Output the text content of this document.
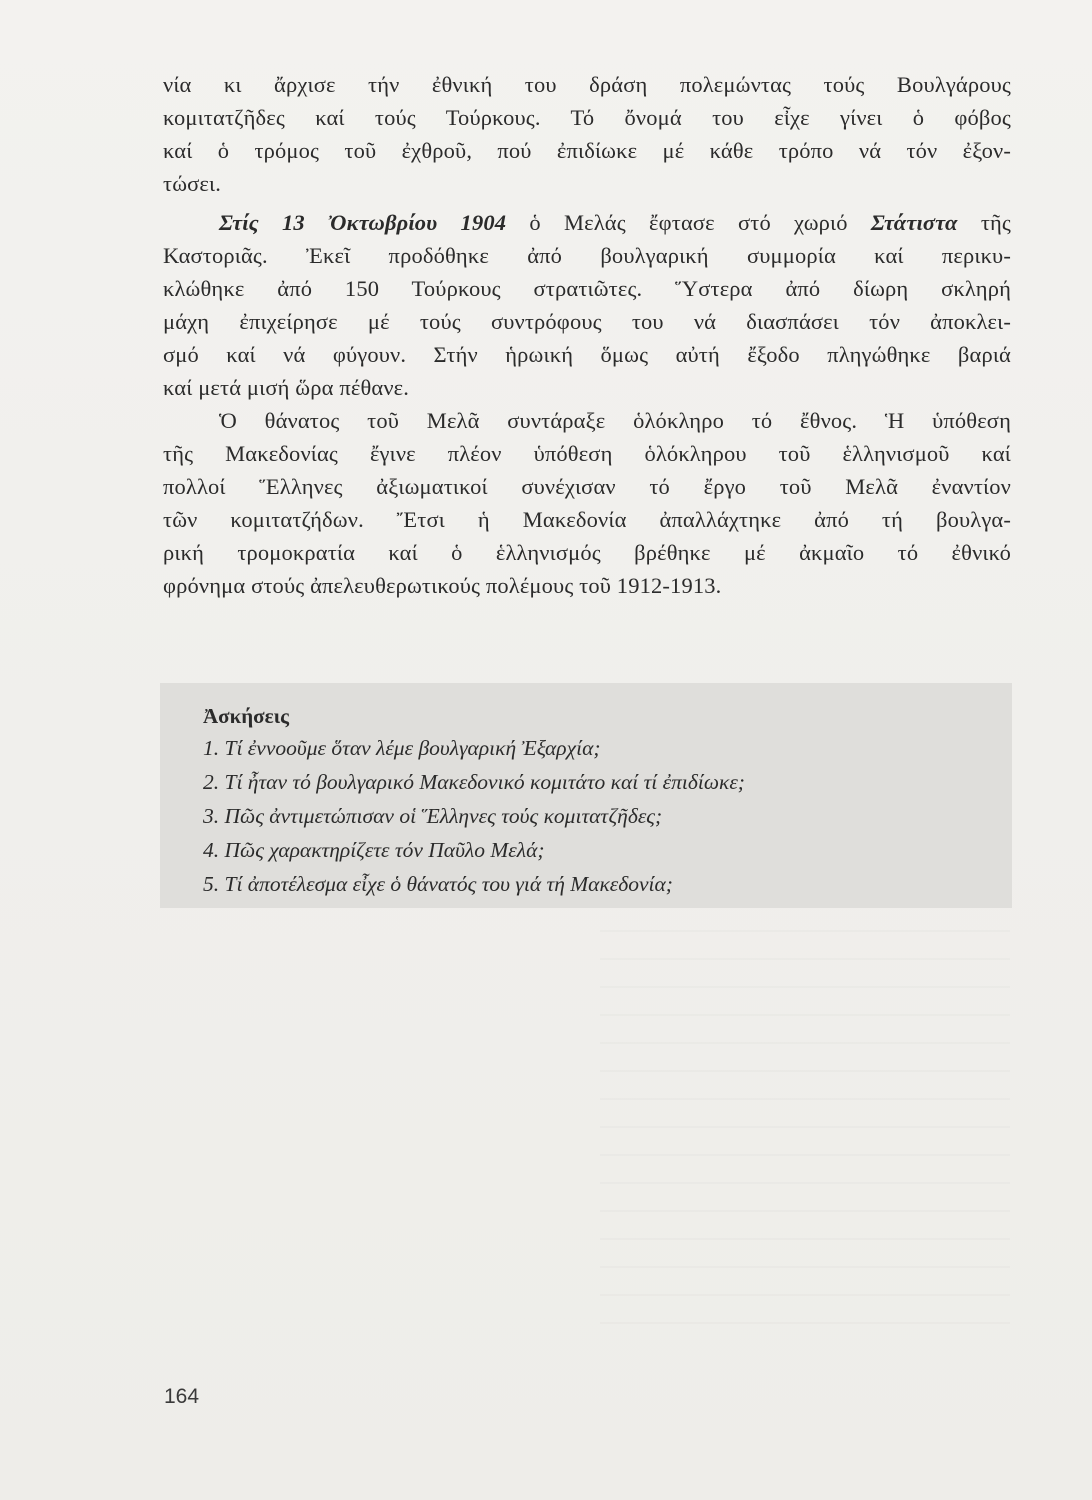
νία κι ἄρχισε τήν ἐθνική του δράση πολεμώντας τούς Βουλγάρους
κομιτατζῆδες καί τούς Τούρκους. Τό ὄνομά του εἶχε γίνει ὁ φόβος
καί ὁ τρόμος τοῦ ἐχθροῦ, πού ἐπιδίωκε μέ κάθε τρόπο νά τόν ἐξον-
τώσει.
Στίς 13 Ὀκτωβρίου 1904 ὁ Μελάς ἔφτασε στό χωριό Στάτιστα τῆς
Καστοριᾶς. Ἐκεῖ προδόθηκε ἀπό βουλγαρική συμμορία καί περικυ-
κλώθηκε ἀπό 150 Τούρκους στρατιῶτες. Ὕστερα ἀπό δίωρη σκληρή
μάχη ἐπιχείρησε μέ τούς συντρόφους του νά διασπάσει τόν ἀποκλει-
σμό καί νά φύγουν. Στήν ἡρωική ὅμως αὐτή ἔξοδο πληγώθηκε βαριά
καί μετά μισή ὥρα πέθανε.
Ὁ θάνατος τοῦ Μελᾶ συντάραξε ὁλόκληρο τό ἔθνος. Ἡ ὑπόθεση
τῆς Μακεδονίας ἔγινε πλέον ὑπόθεση ὁλόκληρου τοῦ ἑλληνισμοῦ καί
πολλοί Ἕλληνες ἀξιωματικοί συνέχισαν τό ἔργο τοῦ Μελᾶ ἐναντίον
τῶν κομιτατζήδων. Ἔτσι ἡ Μακεδονία ἀπαλλάχτηκε ἀπό τή βουλγα-
ρική τρομοκρατία καί ὁ ἑλληνισμός βρέθηκε μέ ἀκμαῖο τό ἐθνικό
φρόνημα στούς ἀπελευθερωτικούς πολέμους τοῦ 1912-1913.
Ἀσκήσεις
1. Τί ἐννοοῦμε ὅταν λέμε βουλγαρική Ἐξαρχία;
2. Τί ἦταν τό βουλγαρικό Μακεδονικό κομιτάτο καί τί ἐπιδίωκε;
3. Πῶς ἀντιμετώπισαν οἱ Ἕλληνες τούς κομιτατζῆδες;
4. Πῶς χαρακτηρίζετε τόν Παῦλο Μελά;
5. Τί ἀποτέλεσμα εἶχε ὁ θάνατός του γιά τή Μακεδονία;
164
